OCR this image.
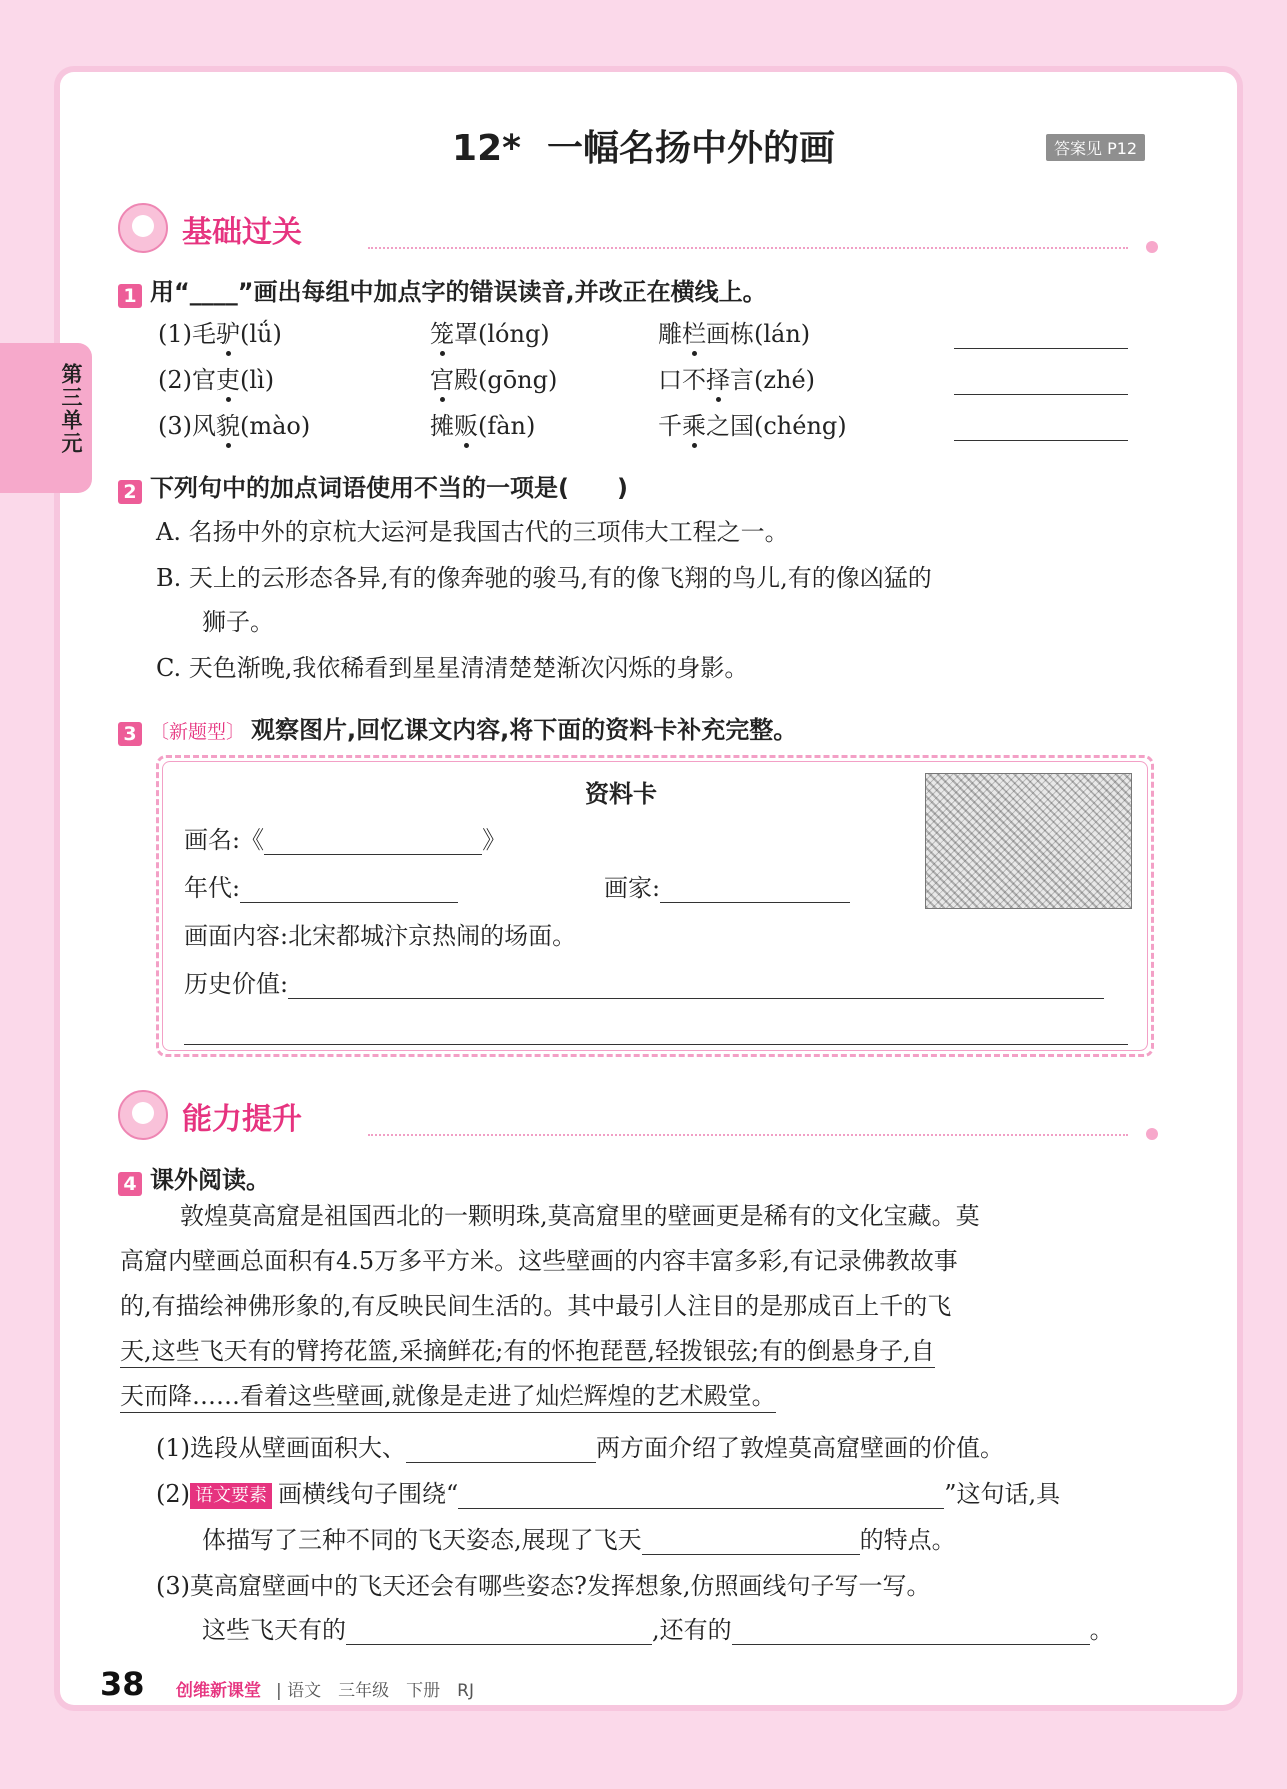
12* 一幅名扬中外的画	答案见 P12
第三单元
基础过关
1 用“____”画出每组中加点字的错误读音,并改正在横线上。
(1)毛驴(lǘ)	笼罩(lóng)	雕栏画栋(lán)
(2)官吏(lì)	宫殿(gōng)	口不择言(zhé)
(3)风貌(mào)	摊贩(fàn)	千乘之国(chéng)
2 下列句中的加点词语使用不当的一项是(　　)
A. 名扬中外的京杭大运河是我国古代的三项伟大工程之一。
B. 天上的云形态各异,有的像奔驰的骏马,有的像飞翔的鸟儿,有的像凶猛的
狮子。
C. 天色渐晚,我依稀看到星星清清楚楚渐次闪烁的身影。
3 〔新题型〕 观察图片,回忆课文内容,将下面的资料卡补充完整。
资料卡
画名:《	》
年代:	画家:
画面内容:北宋都城汴京热闹的场面。
历史价值:
能力提升
4 课外阅读。
敦煌莫高窟是祖国西北的一颗明珠,莫高窟里的壁画更是稀有的文化宝藏。莫
高窟内壁画总面积有4.5万多平方米。这些壁画的内容丰富多彩,有记录佛教故事
的,有描绘神佛形象的,有反映民间生活的。其中最引人注目的是那成百上千的飞
天,这些飞天有的臂挎花篮,采摘鲜花;有的怀抱琵琶,轻拨银弦;有的倒悬身子,自
天而降……看着这些壁画,就像是走进了灿烂辉煌的艺术殿堂。
(1)选段从壁画面积大、	两方面介绍了敦煌莫高窟壁画的价值。
(2) 语文要素 画横线句子围绕“	”这句话,具
体描写了三种不同的飞天姿态,展现了飞天	的特点。
(3)莫高窟壁画中的飞天还会有哪些姿态?发挥想象,仿照画线句子写一写。
这些飞天有的	,还有的	。
38 创维新课堂 | 语文　三年级　下册　RJ
